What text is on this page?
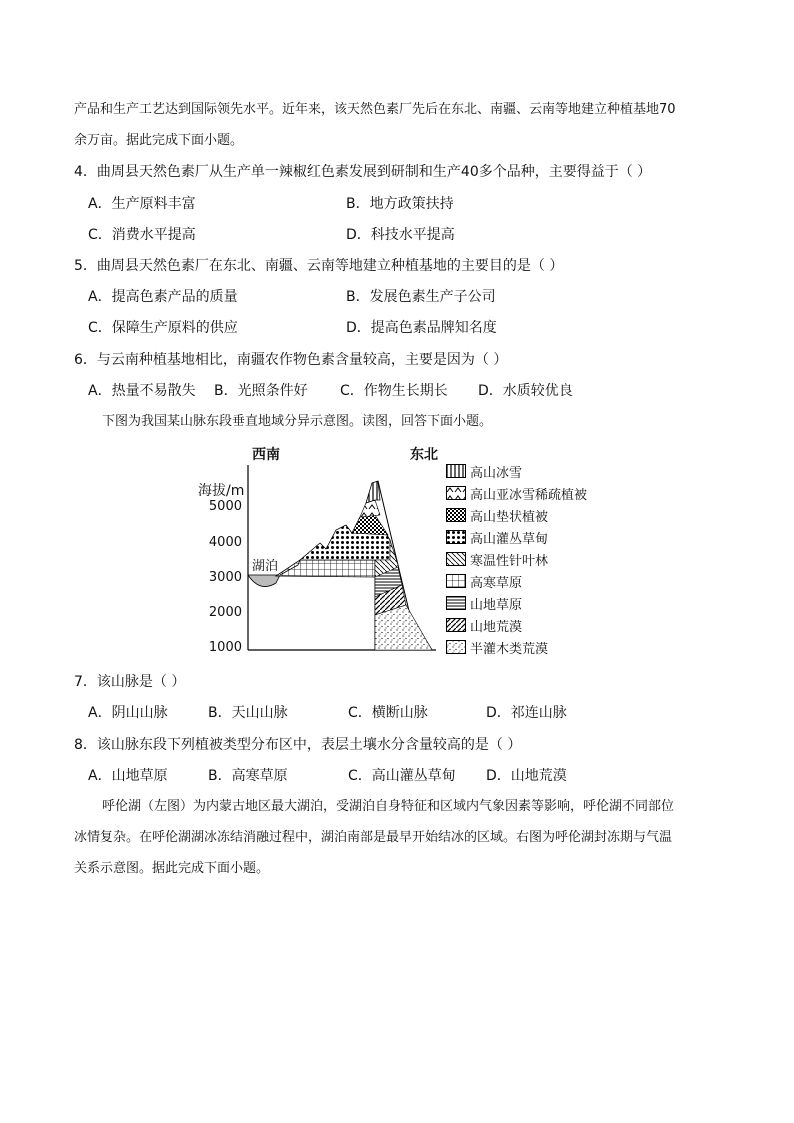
产品和生产工艺达到国际领先水平。近年来，该天然色素厂先后在东北、南疆、云南等地建立种植基地70
余万亩。据此完成下面小题。
4．曲周县天然色素厂从生产单一辣椒红色素发展到研制和生产40多个品种，主要得益于（ ）
A．生产原料丰富	B．地方政策扶持
C．消费水平提高	D．科技水平提高
5．曲周县天然色素厂在东北、南疆、云南等地建立种植基地的主要目的是（ ）
A．提高色素产品的质量	B．发展色素生产子公司
C．保障生产原料的供应	D．提高色素品牌知名度
6．与云南种植基地相比，南疆农作物色素含量较高，主要是因为（ ）
A．热量不易散失 B．光照条件好 C．作物生长期长 D．水质较优良
下图为我国某山脉东段垂直地域分异示意图。读图，回答下面小题。
西南	东北
海拔/m
5000
4000
3000
2000
1000
湖泊
高山冰雪
高山亚冰雪稀疏植被
高山垫状植被
高山灌丛草甸
寒温性针叶林
高寒草原
山地草原
山地荒漠
半灌木类荒漠
7．该山脉是（ ）
A．阴山山脉	B．天山山脉	C．横断山脉	D．祁连山脉
8．该山脉东段下列植被类型分布区中，表层土壤水分含量较高的是（ ）
A．山地草原	B．高寒草原	C．高山灌丛草甸 D．山地荒漠
呼伦湖（左图）为内蒙古地区最大湖泊，受湖泊自身特征和区域内气象因素等影响，呼伦湖不同部位
冰情复杂。在呼伦湖湖冰冻结消融过程中，湖泊南部是最早开始结冰的区域。右图为呼伦湖封冻期与气温
关系示意图。据此完成下面小题。
